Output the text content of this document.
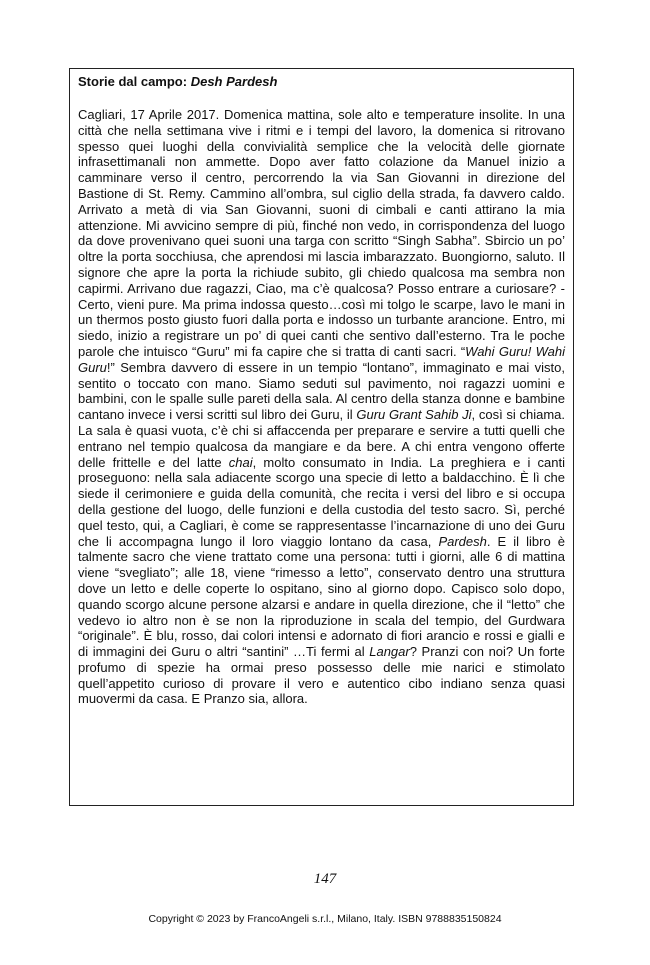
Storie dal campo: Desh Pardesh

Cagliari, 17 Aprile 2017. Domenica mattina, sole alto e temperature insolite. In una città che nella settimana vive i ritmi e i tempi del lavoro, la domenica si ritrovano spesso quei luoghi della convivialità semplice che la velocità delle giornate infrasettimanali non ammette. Dopo aver fatto colazione da Manuel inizio a camminare verso il centro, percorrendo la via San Giovanni in direzione del Bastione di St. Remy. Cammino all’ombra, sul ciglio della strada, fa davvero caldo. Arrivato a metà di via San Giovanni, suoni di cimbali e canti attirano la mia attenzione. Mi avvicino sempre di più, finché non vedo, in corrispondenza del luogo da dove provenivano quei suoni una targa con scritto “Singh Sabha”. Sbircio un po’ oltre la porta socchiusa, che aprendosi mi lascia imbarazzato. Buongiorno, saluto. Il signore che apre la porta la richiude subito, gli chiedo qualcosa ma sembra non capirmi. Arrivano due ragazzi, Ciao, ma c’è qualcosa? Posso entrare a curiosare? - Certo, vieni pure. Ma prima indossa questo…così mi tolgo le scarpe, lavo le mani in un thermos posto giusto fuori dalla porta e indosso un turbante arancione. Entro, mi siedo, inizio a registrare un po’ di quei canti che sentivo dall’esterno. Tra le poche parole che intuisco “Guru” mi fa capire che si tratta di canti sacri. “Wahi Guru! Wahi Guru!” Sembra davvero di essere in un tempio “lontano”, immaginato e mai visto, sentito o toccato con mano. Siamo seduti sul pavimento, noi ragazzi uomini e bambini, con le spalle sulle pareti della sala. Al centro della stanza donne e bambine cantano invece i versi scritti sul libro dei Guru, il Guru Grant Sahib Ji, così si chiama. La sala è quasi vuota, c’è chi si affaccenda per preparare e servire a tutti quelli che entrano nel tempio qualcosa da mangiare e da bere. A chi entra vengono offerte delle frittelle e del latte chai, molto consumato in India. La preghiera e i canti proseguono: nella sala adiacente scorgo una specie di letto a baldacchino. È lì che siede il cerimoniere e guida della comunità, che recita i versi del libro e si occupa della gestione del luogo, delle funzioni e della custodia del testo sacro. Sì, perché quel testo, qui, a Cagliari, è come se rappresentasse l’incarnazione di uno dei Guru che li accompagna lungo il loro viaggio lontano da casa, Pardesh. E il libro è talmente sacro che viene trattato come una persona: tutti i giorni, alle 6 di mattina viene “svegliato”; alle 18, viene “rimesso a letto”, conservato dentro una struttura dove un letto e delle coperte lo ospitano, sino al giorno dopo. Capisco solo dopo, quando scorgo alcune persone alzarsi e andare in quella direzione, che il “letto” che vedevo io altro non è se non la riproduzione in scala del tempio, del Gurdwara “originale”. È blu, rosso, dai colori intensi e adornato di fiori arancio e rossi e gialli e di immagini dei Guru o altri “santini” …Ti fermi al Langar? Pranzi con noi? Un forte profumo di spezie ha ormai preso possesso delle mie narici e stimolato quell’appetito curioso di provare il vero e autentico cibo indiano senza quasi muovermi da casa. E Pranzo sia, allora.

147
Copyright © 2023 by FrancoAngeli s.r.l., Milano, Italy. ISBN 9788835150824
